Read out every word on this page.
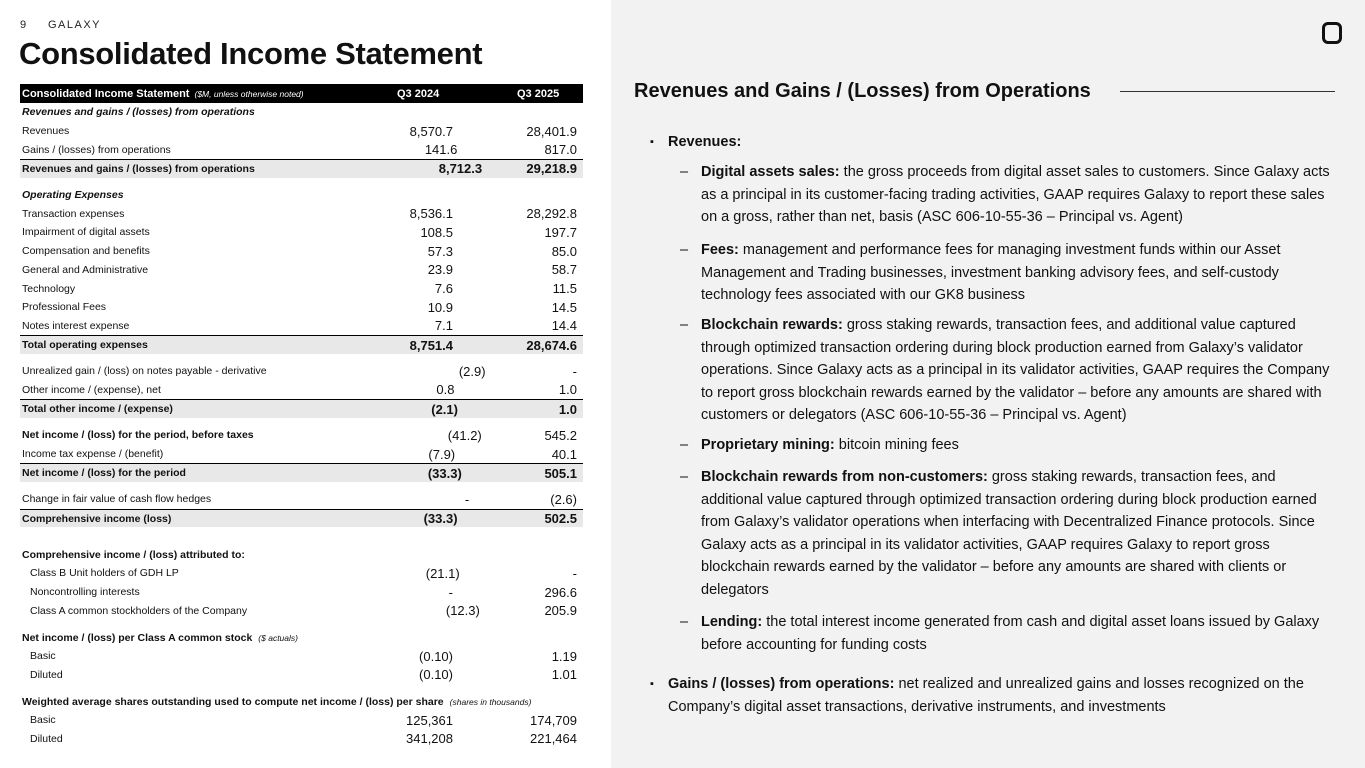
9 GALAXY
Consolidated Income Statement
Consolidated Income Statement ($M, unless otherwise noted)	Q3 2024	Q3 2025
Revenues and gains / (losses) from operations
Revenues	8,570.7	28,401.9
Gains / (losses) from operations	141.6	817.0
Revenues and gains / (losses) from operations	8,712.3	29,218.9
Operating Expenses
Transaction expenses	8,536.1	28,292.8
Impairment of digital assets	108.5	197.7
Compensation and benefits	57.3	85.0
General and Administrative	23.9	58.7
Technology	7.6	11.5
Professional Fees	10.9	14.5
Notes interest expense	7.1	14.4
Total operating expenses	8,751.4	28,674.6
Unrealized gain / (loss) on notes payable - derivative	(2.9)	-
Other income / (expense), net	0.8	1.0
Total other income / (expense)	(2.1)	1.0
Net income / (loss) for the period, before taxes	(41.2)	545.2
Income tax expense / (benefit)	(7.9)	40.1
Net income / (loss) for the period	(33.3)	505.1
Change in fair value of cash flow hedges	-	(2.6)
Comprehensive income (loss)	(33.3)	502.5
Comprehensive income / (loss) attributed to:
Class B Unit holders of GDH LP	(21.1)	-
Noncontrolling interests	-	296.6
Class A common stockholders of the Company	(12.3)	205.9
Net income / (loss) per Class A common stock ($ actuals)
Basic	(0.10)	1.19
Diluted	(0.10)	1.01
Weighted average shares outstanding used to compute net income / (loss) per share (shares in thousands)
Basic	125,361	174,709
Diluted	341,208	221,464
Revenues and Gains / (Losses) from Operations
▪ Revenues:
– Digital assets sales: the gross proceeds from digital asset sales to customers. Since Galaxy acts as a principal in its customer-facing trading activities, GAAP requires Galaxy to report these sales on a gross, rather than net, basis (ASC 606-10-55-36 – Principal vs. Agent)
– Fees: management and performance fees for managing investment funds within our Asset Management and Trading businesses, investment banking advisory fees, and self-custody technology fees associated with our GK8 business
– Blockchain rewards: gross staking rewards, transaction fees, and additional value captured through optimized transaction ordering during block production earned from Galaxy’s validator operations. Since Galaxy acts as a principal in its validator activities, GAAP requires the Company to report gross blockchain rewards earned by the validator – before any amounts are shared with customers or delegators (ASC 606-10-55-36 – Principal vs. Agent)
– Proprietary mining: bitcoin mining fees
– Blockchain rewards from non-customers: gross staking rewards, transaction fees, and additional value captured through optimized transaction ordering during block production earned from Galaxy’s validator operations when interfacing with Decentralized Finance protocols. Since Galaxy acts as a principal in its validator activities, GAAP requires Galaxy to report gross blockchain rewards earned by the validator – before any amounts are shared with clients or delegators
– Lending: the total interest income generated from cash and digital asset loans issued by Galaxy before accounting for funding costs
▪ Gains / (losses) from operations: net realized and unrealized gains and losses recognized on the Company’s digital asset transactions, derivative instruments, and investments
